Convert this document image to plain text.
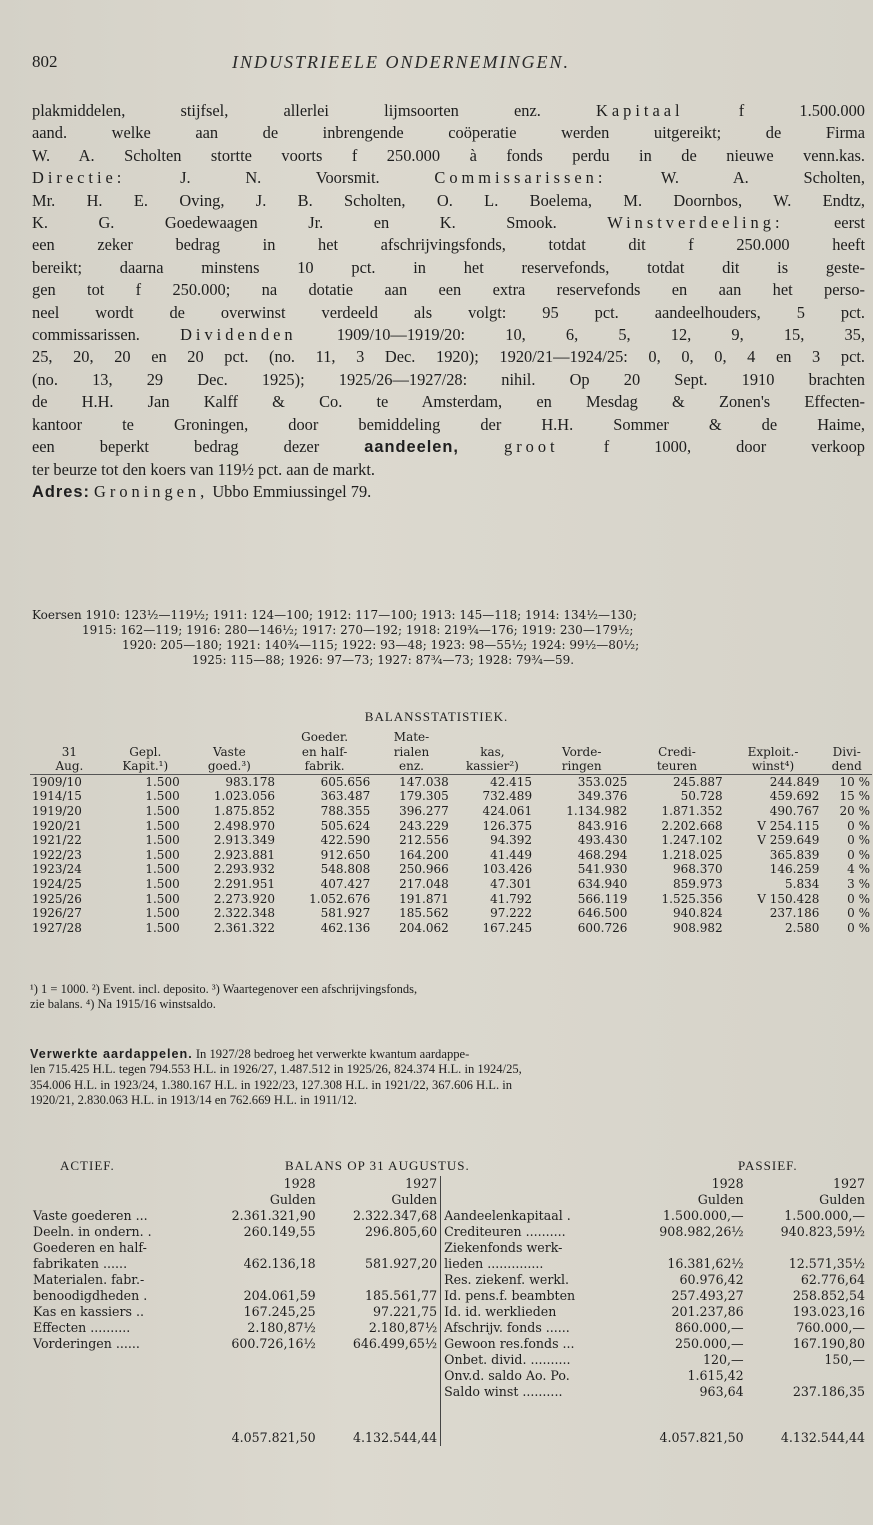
802	INDUSTRIEELE ONDERNEMINGEN.

plakmiddelen, stijfsel, allerlei lijmsoorten enz.	Kapitaal	f 1.500.000

aand. welke aan de inbrengende coöperatie werden uitgereikt; de Firma

W. A. Scholten stortte voorts f 250.000 à fonds perdu in de nieuwe venn.kas.

Directie:	J. N. Voorsmit.	Commissarissen:	W. A. Scholten,

Mr. H. E. Oving, J. B. Scholten, O. L. Boelema, M. Doornbos, W. Endtz,

K. G. Goedewaagen Jr. en K. Smook.	Winstverdeeling:	eerst

een zeker bedrag in het afschrijvingsfonds, totdat dit f 250.000 heeft

bereikt; daarna minstens 10 pct. in het reservefonds, totdat dit is geste-

gen tot f 250.000; na dotatie aan een extra reservefonds en aan het perso-

neel wordt de overwinst verdeeld als volgt: 95 pct. aandeelhouders, 5 pct.

commissarissen. Dividenden 1909/10—1919/20: 10, 6, 5, 12, 9, 15, 35,

25, 20, 20 en 20 pct. (no. 11, 3 Dec. 1920); 1920/21—1924/25: 0, 0, 0, 4 en 3 pct.

(no. 13, 29 Dec. 1925); 1925/26—1927/28: nihil. Op 20 Sept. 1910 brachten

de H.H. Jan Kalff & Co. te Amsterdam, en Mesdag & Zonen's Effecten-

kantoor te Groningen, door bemiddeling der H.H. Sommer & de Haime,

een beperkt bedrag dezer	aandeelen,	groot	f 1000, door verkoop

ter beurze tot den koers van 119½ pct. aan de markt.

Adres: Groningen, Ubbo Emmiussingel 79.

Koersen 1910: 123½—119½; 1911: 124—100; 1912: 117—100; 1913: 145—118; 1914: 134½—130;
1915: 162—119; 1916: 280—146½; 1917: 270—192; 1918: 219¾—176; 1919: 230—179½;
1920: 205—180; 1921: 140¾—115; 1922: 93—48; 1923: 98—55½; 1924: 99½—80½;
1925: 115—88; 1926: 97—73; 1927: 87¾—73; 1928: 79¾—59.
BALANSSTATISTIEK.
			Goeder.	Mate-					
31	Gepl.	Vaste	en half-	rialen	kas,	Vorde-	Credi-	Exploit.-	Divi-
Aug.	Kapit.¹)	goed.³)	fabrik.	enz.	kassier²)	ringen	teuren	winst⁴)	dend
1909/10	1.500	983.178	605.656	147.038	42.415	353.025	245.887	244.849	10 %
1914/15	1.500	1.023.056	363.487	179.305	732.489	349.376	50.728	459.692	15 %
1919/20	1.500	1.875.852	788.355	396.277	424.061	1.134.982	1.871.352	490.767	20 %
1920/21	1.500	2.498.970	505.624	243.229	126.375	843.916	2.202.668	V 254.115	0 %
1921/22	1.500	2.913.349	422.590	212.556	94.392	493.430	1.247.102	V 259.649	0 %
1922/23	1.500	2.923.881	912.650	164.200	41.449	468.294	1.218.025	365.839	0 %
1923/24	1.500	2.293.932	548.808	250.966	103.426	541.930	968.370	146.259	4 %
1924/25	1.500	2.291.951	407.427	217.048	47.301	634.940	859.973	5.834	3 %
1925/26	1.500	2.273.920	1.052.676	191.871	41.792	566.119	1.525.356	V 150.428	0 %
1926/27	1.500	2.322.348	581.927	185.562	97.222	646.500	940.824	237.186	0 %
1927/28	1.500	2.361.322	462.136	204.062	167.245	600.726	908.982	2.580	0 %
¹) 1 = 1000. ²) Event. incl. deposito. ³) Waartegenover een afschrijvingsfonds,
zie balans. ⁴) Na 1915/16 winstsaldo.

Verwerkte aardappelen. In 1927/28 bedroeg het verwerkte kwantum aardappe-

len 715.425 H.L. tegen 794.553 H.L. in 1926/27, 1.487.512 in 1925/26, 824.374 H.L. in 1924/25,

354.006 H.L. in 1923/24, 1.380.167 H.L. in 1922/23, 127.308 H.L. in 1921/22, 367.606 H.L. in

1920/21, 2.830.063 H.L. in 1913/14 en 762.669 H.L. in 1911/12.

ACTIEF.	BALANS OP 31 AUGUSTUS.	PASSIEF.
	1928	1927		1928	1927
	Gulden	Gulden		Gulden	Gulden
Vaste goederen ...	2.361.321,90	2.322.347,68	Aandeelenkapitaal .	1.500.000,—	1.500.000,—
Deeln. in ondern. .	260.149,55	296.805,60	Crediteuren ..........	908.982,26½	940.823,59½
Goederen en half-			Ziekenfonds werk-		
fabrikaten ......	462.136,18	581.927,20	lieden ..............	16.381,62½	12.571,35½
Materialen. fabr.-			Res. ziekenf. werkl.	60.976,42	62.776,64
benoodigdheden .	204.061,59	185.561,77	Id. pens.f. beambten	257.493,27	258.852,54
Kas en kassiers ..	167.245,25	97.221,75	Id. id. werklieden	201.237,86	193.023,16
Effecten ..........	2.180,87½	2.180,87½	Afschrijv. fonds ......	860.000,—	760.000,—
Vorderingen ......	600.726,16½	646.499,65½	Gewoon res.fonds ...	250.000,—	167.190,80
			Onbet. divid. ..........	120,—	150,—
			Onv.d. saldo Ao. Po.	1.615,42	
			Saldo winst ..........	963,64	237.186,35
	4.057.821,50	4.132.544,44		4.057.821,50	4.132.544,44
